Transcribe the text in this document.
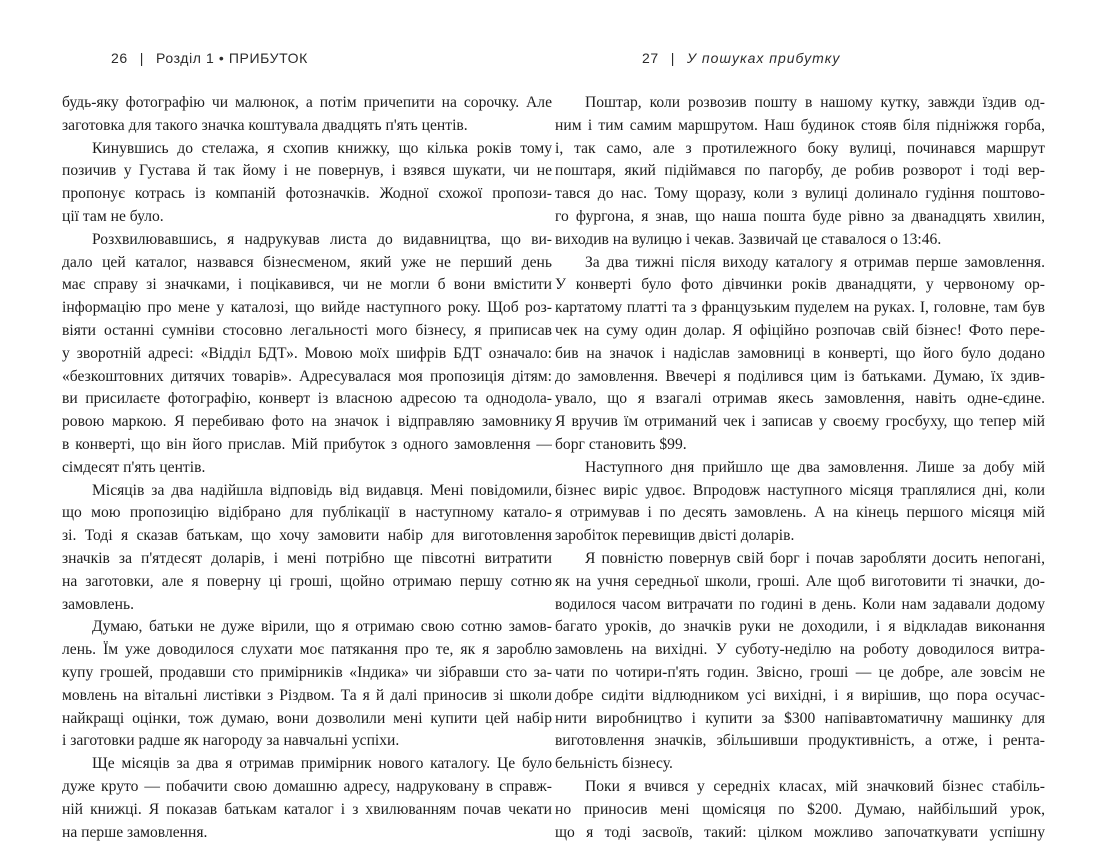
26 | Розділ 1 • ПРИБУТОК
будь-яку фотографію чи малюнок, а потім причепити на сорочку. Але
заготовка для такого значка коштувала двадцять п'ять центів.
Кинувшись до стелажа, я схопив книжку, що кілька років тому
позичив у Густава й так йому і не повернув, і взявся шукати, чи не
пропонує котрась із компаній фотозначків. Жодної схожої пропози-
ції там не було.
Розхвилювавшись, я надрукував листа до видавництва, що ви-
дало цей каталог, назвався бізнесменом, який уже не перший день
має справу зі значками, і поцікавився, чи не могли б вони вмістити
інформацію про мене у каталозі, що вийде наступного року. Щоб роз-
віяти останні сумніви стосовно легальності мого бізнесу, я приписав
у зворотній адресі: «Відділ БДТ». Мовою моїх шифрів БДТ означало:
«безкоштовних дитячих товарів». Адресувалася моя пропозиція дітям:
ви присилаєте фотографію, конверт із власною адресою та однодола-
ровою маркою. Я перебиваю фото на значок і відправляю замовнику
в конверті, що він його прислав. Мій прибуток з одного замовлення —
сімдесят п'ять центів.
Місяців за два надійшла відповідь від видавця. Мені повідомили,
що мою пропозицію відібрано для публікації в наступному каталo-
зі. Тоді я сказав батькам, що хочу замовити набір для виготовлення
значків за п'ятдесят доларів, і мені потрібно ще півсотні витратити
на заготовки, але я поверну ці гроші, щойно отримаю першу сотню
замовлень.
Думаю, батьки не дуже вірили, що я отримаю свою сотню замов-
лень. Їм уже доводилося слухати моє патякання про те, як я зароблю
купу грошей, продавши сто примірників «Індика» чи зібравши сто за-
мовлень на вітальні листівки з Різдвом. Та я й далі приносив зі школи
найкращі оцінки, тож думаю, вони дозволили мені купити цей набір
і заготовки радше як нагороду за навчальні успіхи.
Ще місяців за два я отримав примірник нового каталогу. Це було
дуже круто — побачити свою домашню адресу, надруковану в справж-
ній книжці. Я показав батькам каталог і з хвилюванням почав чекати
на перше замовлення.
27 | У пошуках прибутку
Поштар, коли розвозив пошту в нашому кутку, завжди їздив од-
ним і тим самим маршрутом. Наш будинок стояв біля підніжжя горба,
і, так само, але з протилежного боку вулиці, починався маршрут
поштаря, який підіймався по пагорбу, де робив розворот і тоді вер-
тався до нас. Тому щоразу, коли з вулиці долинало гудіння поштово-
го фургона, я знав, що наша пошта буде рівно за дванадцять хвилин,
виходив на вулицю і чекав. Зазвичай це ставалося о 13:46.
За два тижні після виходу каталогу я отримав перше замовлення.
У конверті було фото дівчинки років дванадцяти, у червоному ор-
картатому платті та з французьким пуделем на руках. І, головне, там був
чек на суму один долар. Я офіційно розпочав свій бізнес! Фото пере-
бив на значок і надіслав замовниці в конверті, що його було додано
до замовлення. Ввечері я поділився цим із батьками. Думаю, їх здив-
увало, що я взагалі отримав якесь замовлення, навіть одне-єдине.
Я вручив їм отриманий чек і записав у своєму гросбуху, що тепер мій
борг становить $99.
Наступного дня прийшло ще два замовлення. Лише за добу мій
бізнес виріс удвоє. Впродовж наступного місяця траплялися дні, коли
я отримував і по десять замовлень. А на кінець першого місяця мій
заробіток перевищив двісті доларів.
Я повністю повернув свій борг і почав заробляти досить непогані,
як на учня середньої школи, гроші. Але щоб виготовити ті значки, до-
водилося часом витрачати по годині в день. Коли нам задавали додому
багато уроків, до значків руки не доходили, і я відкладав виконання
замовлень на вихідні. У суботу-неділю на роботу доводилося витра-
чати по чотири-п'ять годин. Звісно, гроші — це добре, але зовсім не
добре сидіти відлюдником усі вихідні, і я вирішив, що пора осучас-
нити виробництво і купити за $300 напівавтоматичну машинку для
виготовлення значків, збільшивши продуктивність, а отже, і рента-
бельність бізнесу.
Поки я вчився у середніх класах, мій значковий бізнес стабіль-
но приносив мені щомісяця по $200. Думаю, найбільший урок,
що я тоді засвоїв, такий: цілком можливо започаткувати успішну
